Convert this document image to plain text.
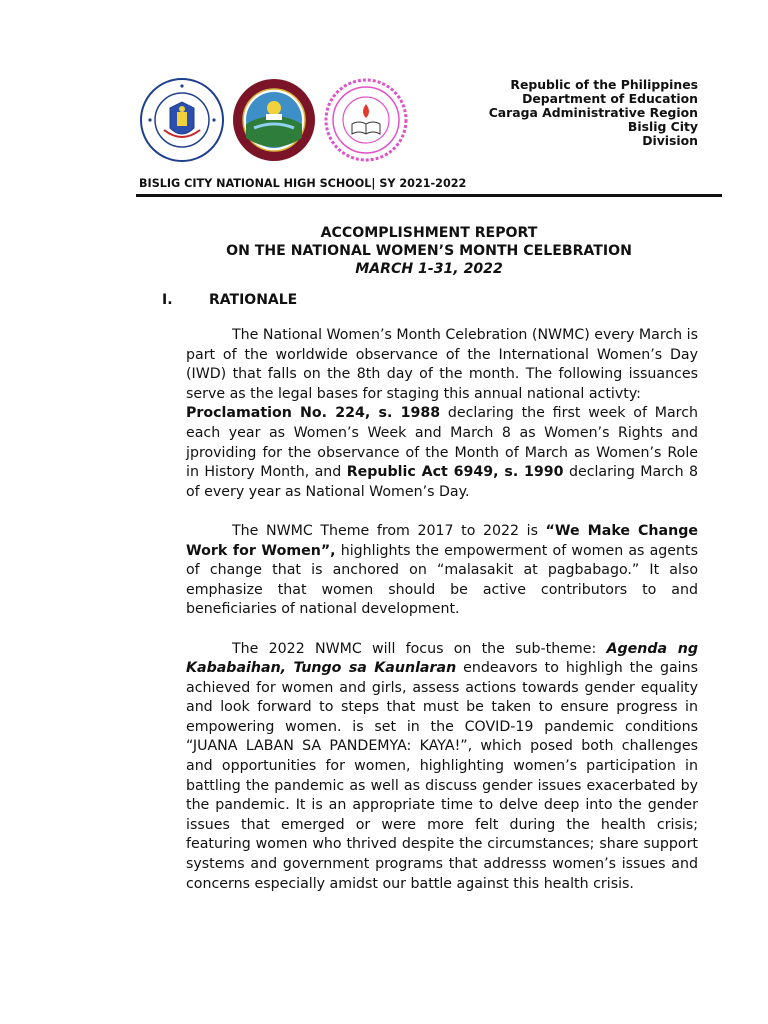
Republic of the Philippines
Department of Education
Caraga Administrative Region
Bislig City
Division
BISLIG CITY NATIONAL HIGH SCHOOL| SY 2021-2022
ACCOMPLISHMENT REPORT
ON THE NATIONAL WOMEN’S MONTH CELEBRATION
MARCH 1-31, 2022
I.	RATIONALE

The National Women’s Month Celebration (NWMC) every March is part of the worldwide observance of the International Women’s Day (IWD) that falls on the 8th day of the month. The following issuances serve as the legal bases for staging this annual national activty:

Proclamation No. 224, s. 1988 declaring the first week of March each year as Women’s Week and March 8 as Women’s Rights and jproviding for the observance of the Month of March as Women’s Role in History Month, and Republic Act 6949, s. 1990 declaring March 8 of every year as National Women’s Day.

The NWMC Theme from 2017 to 2022 is “We Make Change Work for Women”, highlights the empowerment of women as agents of change that is anchored on “malasakit at pagbabago.” It also emphasize that women should be active contributors to and beneficiaries of national development.

The 2022 NWMC will focus on the sub-theme: Agenda ng Kababaihan, Tungo sa Kaunlaran endeavors to highligh the gains achieved for women and girls, assess actions towards gender equality and look forward to steps that must be taken to ensure progress in empowering women. is set in the COVID-19 pandemic conditions “JUANA LABAN SA PANDEMYA: KAYA!”, which posed both challenges and opportunities for women, highlighting women’s participation in battling the pandemic as well as discuss gender issues exacerbated by the pandemic. It is an appropriate time to delve deep into the gender issues that emerged or were more felt during the health crisis; featuring women who thrived despite the circumstances; share support systems and government programs that addresss women’s issues and concerns especially amidst our battle against this health crisis.
